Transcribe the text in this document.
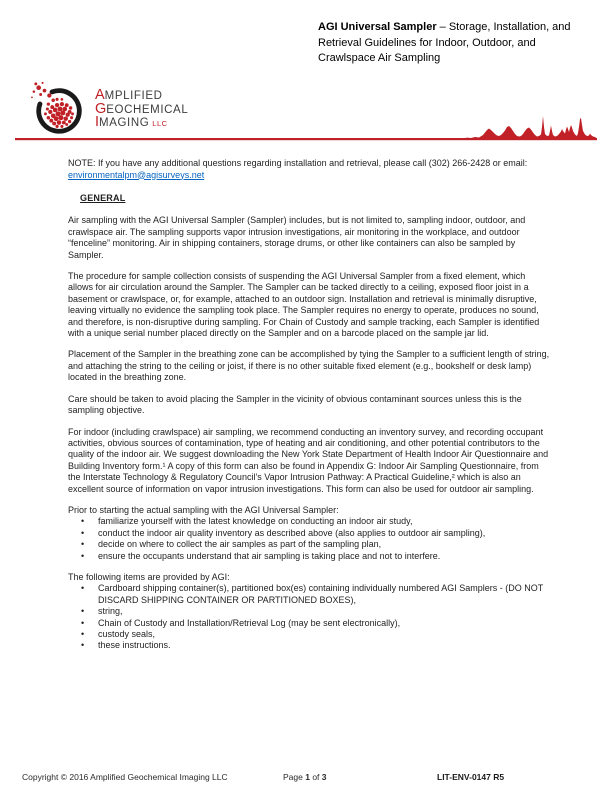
AGI Universal Sampler – Storage, Installation, and Retrieval Guidelines for Indoor, Outdoor, and Crawlspace Air Sampling
A MPLIFIED
G EOCHEMICAL
I MAGING LLC
NOTE: If you have any additional questions regarding installation and retrieval, please call (302) 266-2428 or email:
environmentalpm@agisurveys.net
GENERAL

Air sampling with the AGI Universal Sampler (Sampler) includes, but is not limited to, sampling indoor, outdoor, and crawlspace air. The sampling supports vapor intrusion investigations, air monitoring in the workplace, and outdoor “fenceline” monitoring. Air in shipping containers, storage drums, or other like containers can also be sampled by Sampler.

The procedure for sample collection consists of suspending the AGI Universal Sampler from a fixed element, which allows for air circulation around the Sampler. The Sampler can be tacked directly to a ceiling, exposed floor joist in a basement or crawlspace, or, for example, attached to an outdoor sign. Installation and retrieval is minimally disruptive, leaving virtually no evidence the sampling took place. The Sampler requires no energy to operate, produces no sound, and therefore, is non-disruptive during sampling. For Chain of Custody and sample tracking, each Sampler is identified with a unique serial number placed directly on the Sampler and on a barcode placed on the sample jar lid.

Placement of the Sampler in the breathing zone can be accomplished by tying the Sampler to a sufficient length of string, and attaching the string to the ceiling or joist, if there is no other suitable fixed element (e.g., bookshelf or desk lamp) located in the breathing zone.

Care should be taken to avoid placing the Sampler in the vicinity of obvious contaminant sources unless this is the sampling objective.

For indoor (including crawlspace) air sampling, we recommend conducting an inventory survey, and recording occupant activities, obvious sources of contamination, type of heating and air conditioning, and other potential contributors to the quality of the indoor air. We suggest downloading the New York State Department of Health Indoor Air Questionnaire and Building Inventory form.¹ A copy of this form can also be found in Appendix G: Indoor Air Sampling Questionnaire, from the Interstate Technology & Regulatory Council’s Vapor Intrusion Pathway: A Practical Guideline,² which is also an excellent source of information on vapor intrusion investigations. This form can also be used for outdoor air sampling.

Prior to starting the actual sampling with the AGI Universal Sampler:

• familiarize yourself with the latest knowledge on conducting an indoor air study,
• conduct the indoor air quality inventory as described above (also applies to outdoor air sampling),
• decide on where to collect the air samples as part of the sampling plan,
• ensure the occupants understand that air sampling is taking place and not to interfere.

The following items are provided by AGI:

• Cardboard shipping container(s), partitioned box(es) containing individually numbered AGI Samplers - (DO NOT DISCARD SHIPPING CONTAINER OR PARTITIONED BOXES),
• string,
• Chain of Custody and Installation/Retrieval Log (may be sent electronically),
• custody seals,
• these instructions.
Copyright © 2016 Amplified Geochemical Imaging LLC	Page 1 of 3	LIT-ENV-0147 R5
